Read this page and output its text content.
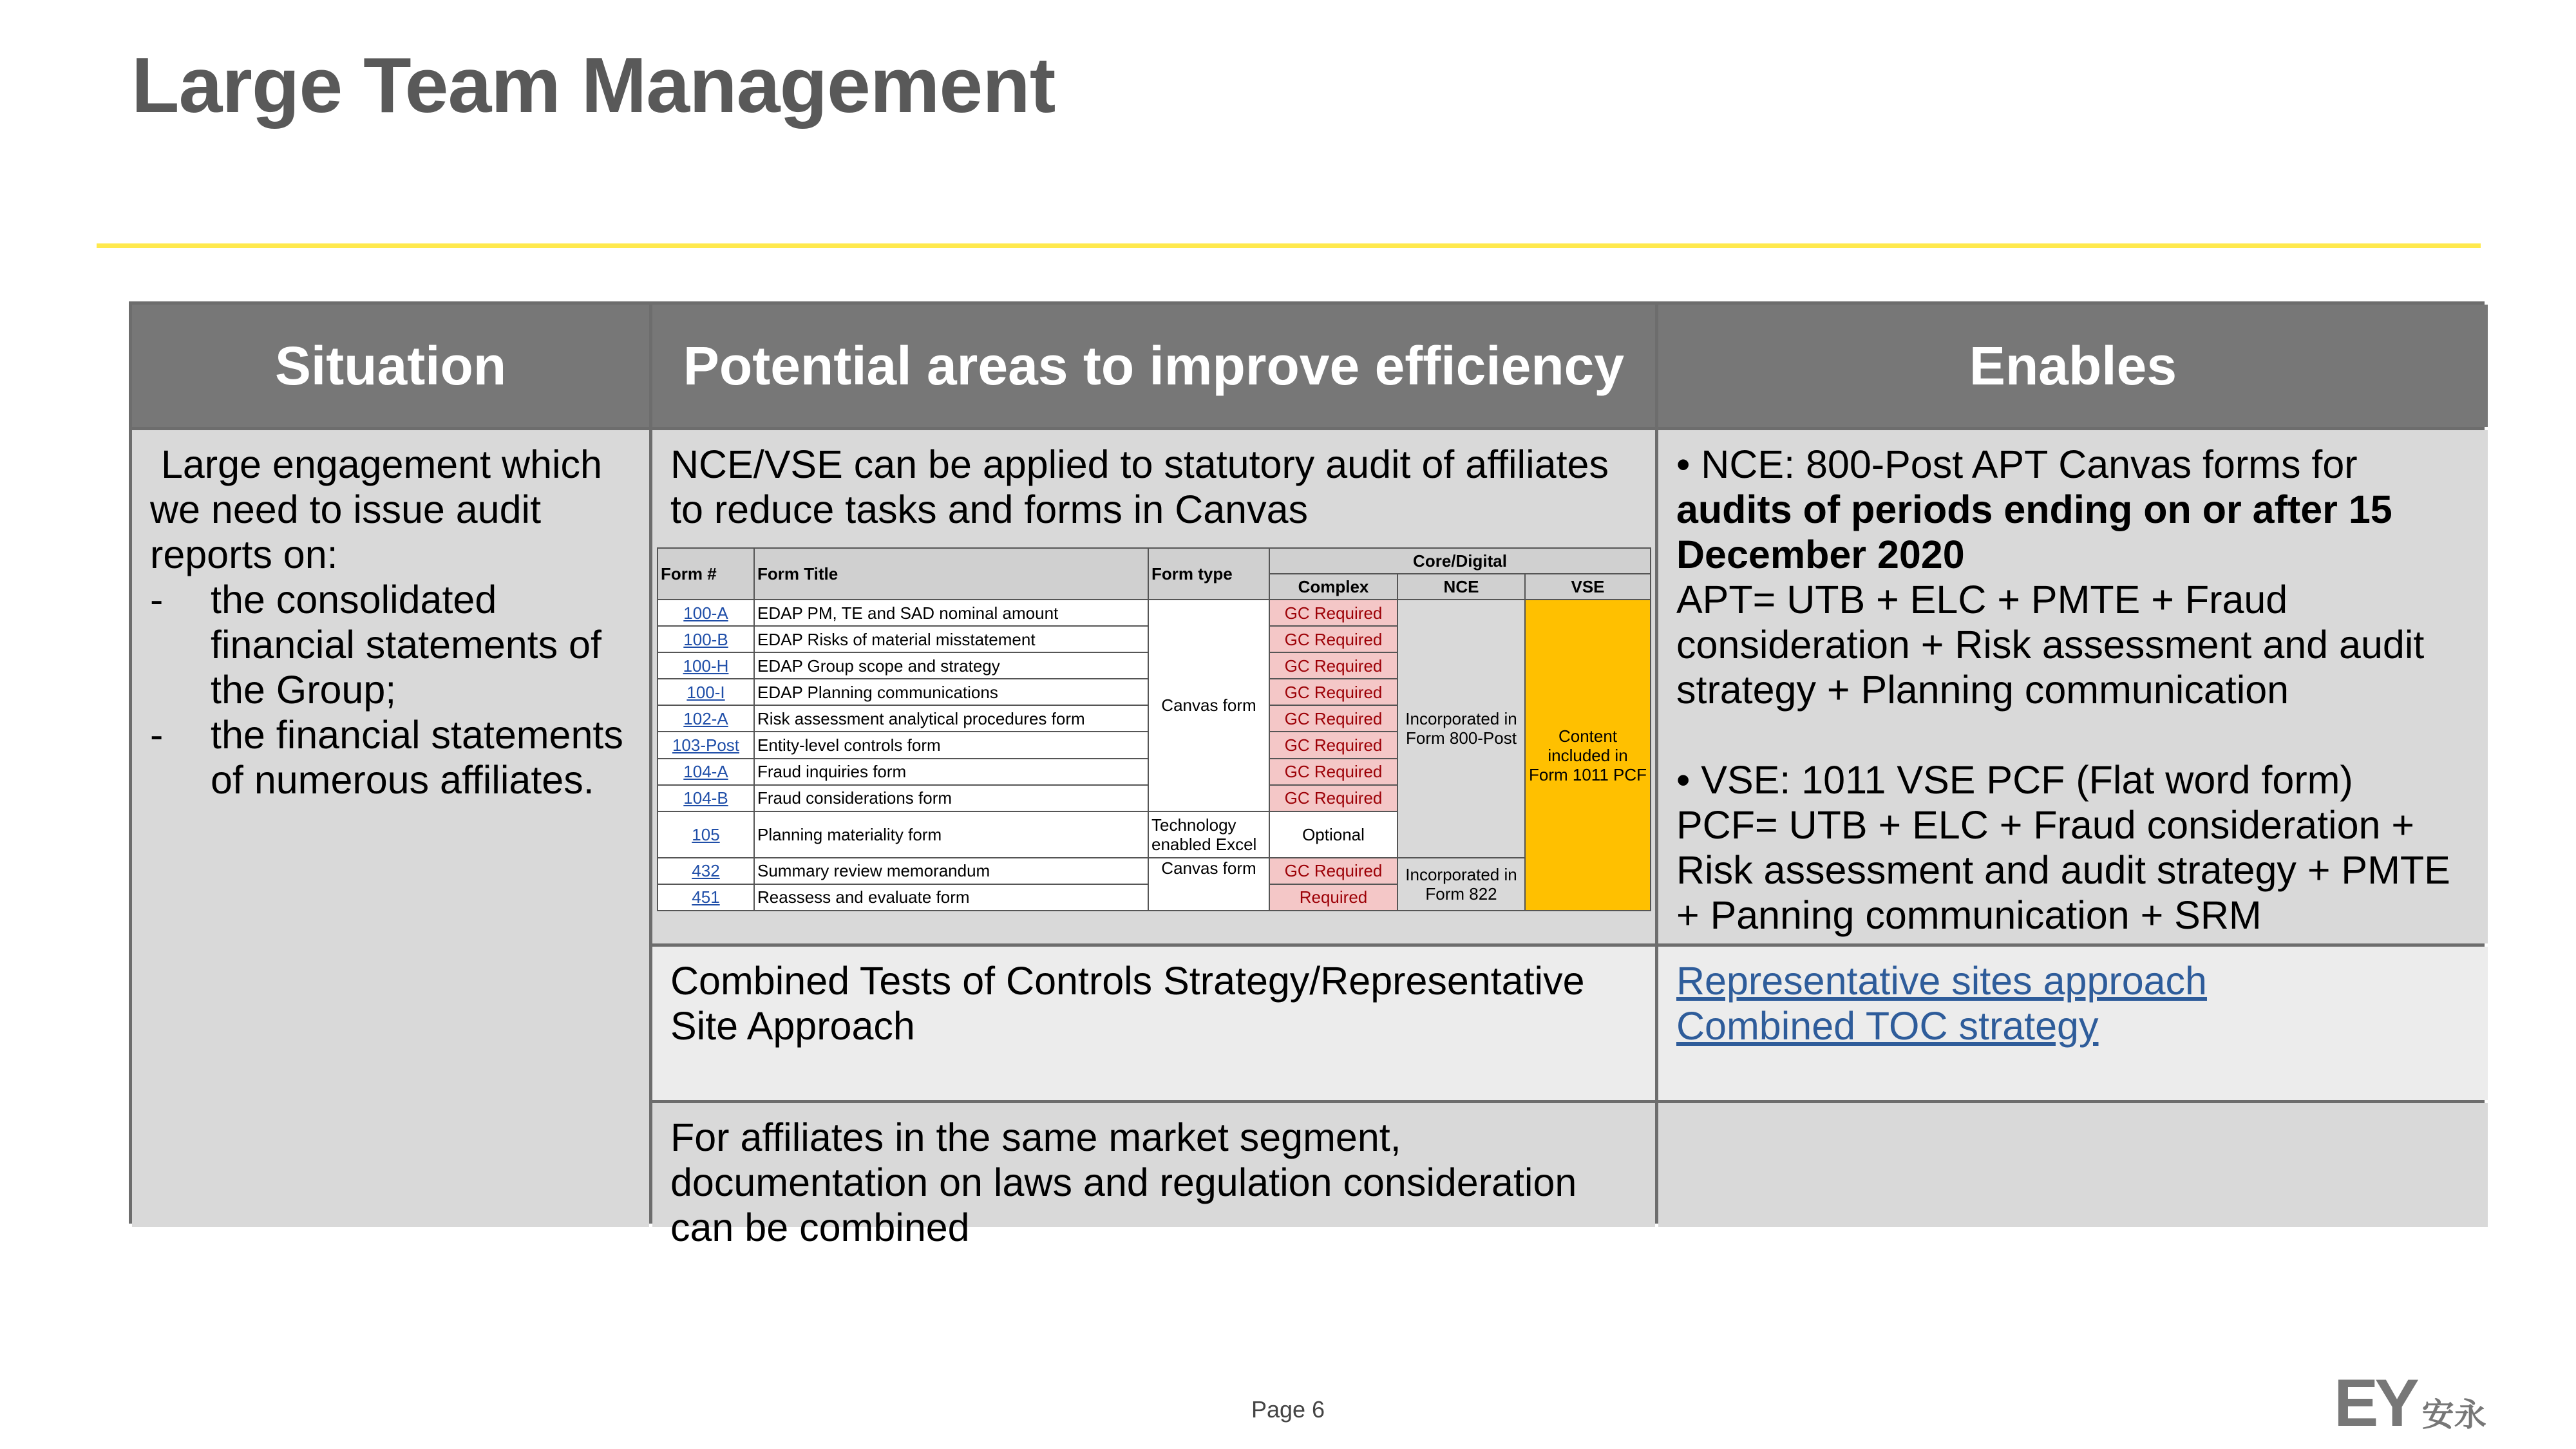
Large Team Management
Situation	Potential areas to improve efficiency	Enables

Large engagement which we need to issue audit reports on:

- the consolidated financial statements of the Group;
- the financial statements of numerous affiliates.

NCE/VSE can be applied to statutory audit of affiliates to reduce tasks and forms in Canvas

Form #	Form Title	Form type	Core/Digital		
			Complex	NCE	VSE
100-A	EDAP PM, TE and SAD nominal amount	Canvas form	GC Required	Incorporated in Form 800-Post	Content included in Form 1011 PCF
100-B	EDAP Risks of material misstatement		GC Required		
100-H	EDAP Group scope and strategy		GC Required		
100-I	EDAP Planning communications		GC Required		
102-A	Risk assessment analytical procedures form		GC Required		
103-Post	Entity-level controls form		GC Required		
104-A	Fraud inquiries form		GC Required		
104-B	Fraud considerations form		GC Required		
105	Planning materiality form	Technology enabled Excel	Optional		
432	Summary review memorandum	Canvas form	GC Required	Incorporated in Form 822	
451	Reassess and evaluate form		Required		

• NCE: 800-Post APT Canvas forms for audits of periods ending on or after 15 December 2020

APT= UTB + ELC + PMTE + Fraud consideration + Risk assessment and audit strategy + Planning communication

• VSE: 1011 VSE PCF (Flat word form)

PCF= UTB + ELC + Fraud consideration + Risk assessment and audit strategy + PMTE + Panning communication + SRM

Combined Tests of Controls Strategy/Representative Site Approach

Representative sites approach
Combined TOC strategy

For affiliates in the same market segment, documentation on laws and regulation consideration can be combined

Page 6	EY 安永
